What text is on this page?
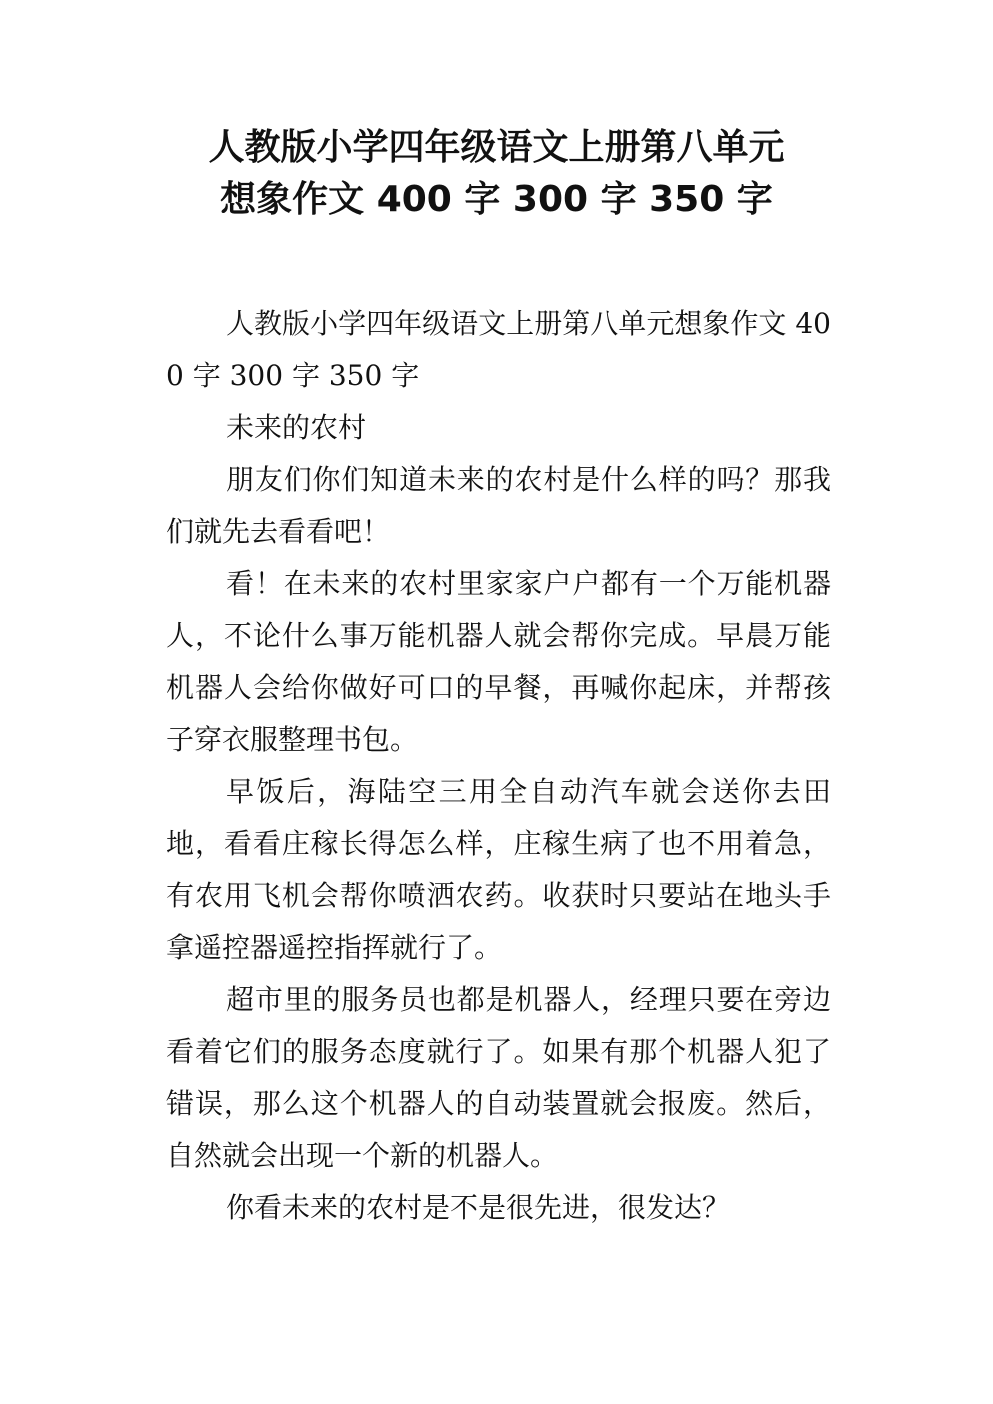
人教版小学四年级语文上册第八单元
想象作文 400 字 300 字 350 字

人教版小学四年级语文上册第八单元想象作文 400 字 300 字 350 字

未来的农村

朋友们你们知道未来的农村是什么样的吗？那我们就先去看看吧！

看！在未来的农村里家家户户都有一个万能机器人，不论什么事万能机器人就会帮你完成。早晨万能机器人会给你做好可口的早餐，再喊你起床，并帮孩子穿衣服整理书包。

早饭后，海陆空三用全自动汽车就会送你去田地，看看庄稼长得怎么样，庄稼生病了也不用着急，有农用飞机会帮你喷洒农药。收获时只要站在地头手拿遥控器遥控指挥就行了。

超市里的服务员也都是机器人，经理只要在旁边看着它们的服务态度就行了。如果有那个机器人犯了错误，那么这个机器人的自动装置就会报废。然后，自然就会出现一个新的机器人。

你看未来的农村是不是很先进，很发达？
